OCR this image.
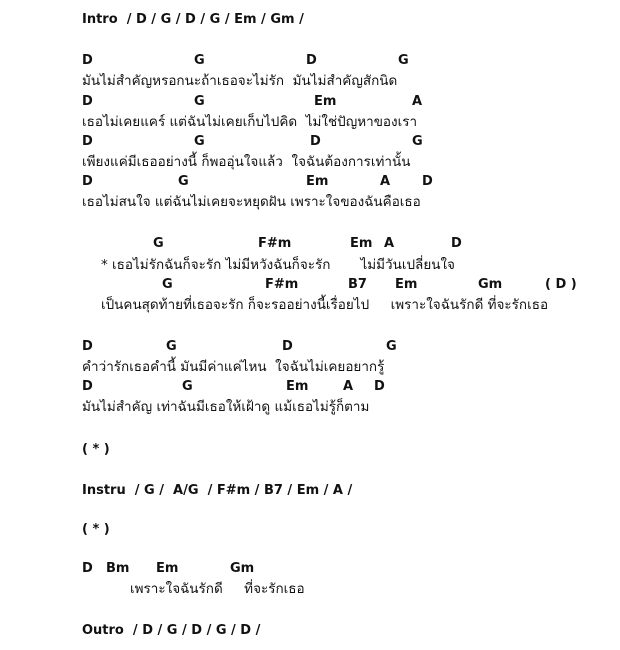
Intro  / D / G / D / G / Em / Gm /

D

	G

	D

	G

มันไม่สำคัญหรอกนะถ้าเธอจะไม่รัก  มันไม่สำคัญสักนิด

D

	G

	Em

	A

เธอไม่เคยแคร์ แต่ฉันไม่เคยเก็บไปคิด  ไม่ใช่ปัญหาของเรา

D

	G

	D

	G

เพียงแค่มีเธออย่างนี้ ก็พออุ่นใจแล้ว  ใจฉันต้องการเท่านั้น

D

	G

	Em

	A

D

เธอไม่สนใจ แต่ฉันไม่เคยจะหยุดฝัน เพราะใจของฉันคือเธอ

G

	F#m

	Em

A

	D

* เธอไม่รักฉันก็จะรัก ไม่มีหวังฉันก็จะรัก       ไม่มีวันเปลี่ยนใจ

G

	F#m

	B7

Em

	Gm

	( D )

เป็นคนสุดท้ายที่เธอจะรัก ก็จะรออย่างนี้เรื่อยไป     เพราะใจฉันรักดี ที่จะรักเธอ

D

	G

	D

	G

คำว่ารักเธอคำนี้ มันมีค่าแค่ไหน  ใจฉันไม่เคยอยากรู้

D

	G

	Em

	A

D

มันไม่สำคัญ เท่าฉันมีเธอให้เฝ้าดู แม้เธอไม่รู้ก็ตาม
( * )
Instru  / G /  A/G  / F#m / B7 / Em / A /
( * )

D

Bm

Em

	Gm

เพราะใจฉันรักดี     ที่จะรักเธอ
Outro  / D / G / D / G / D /
